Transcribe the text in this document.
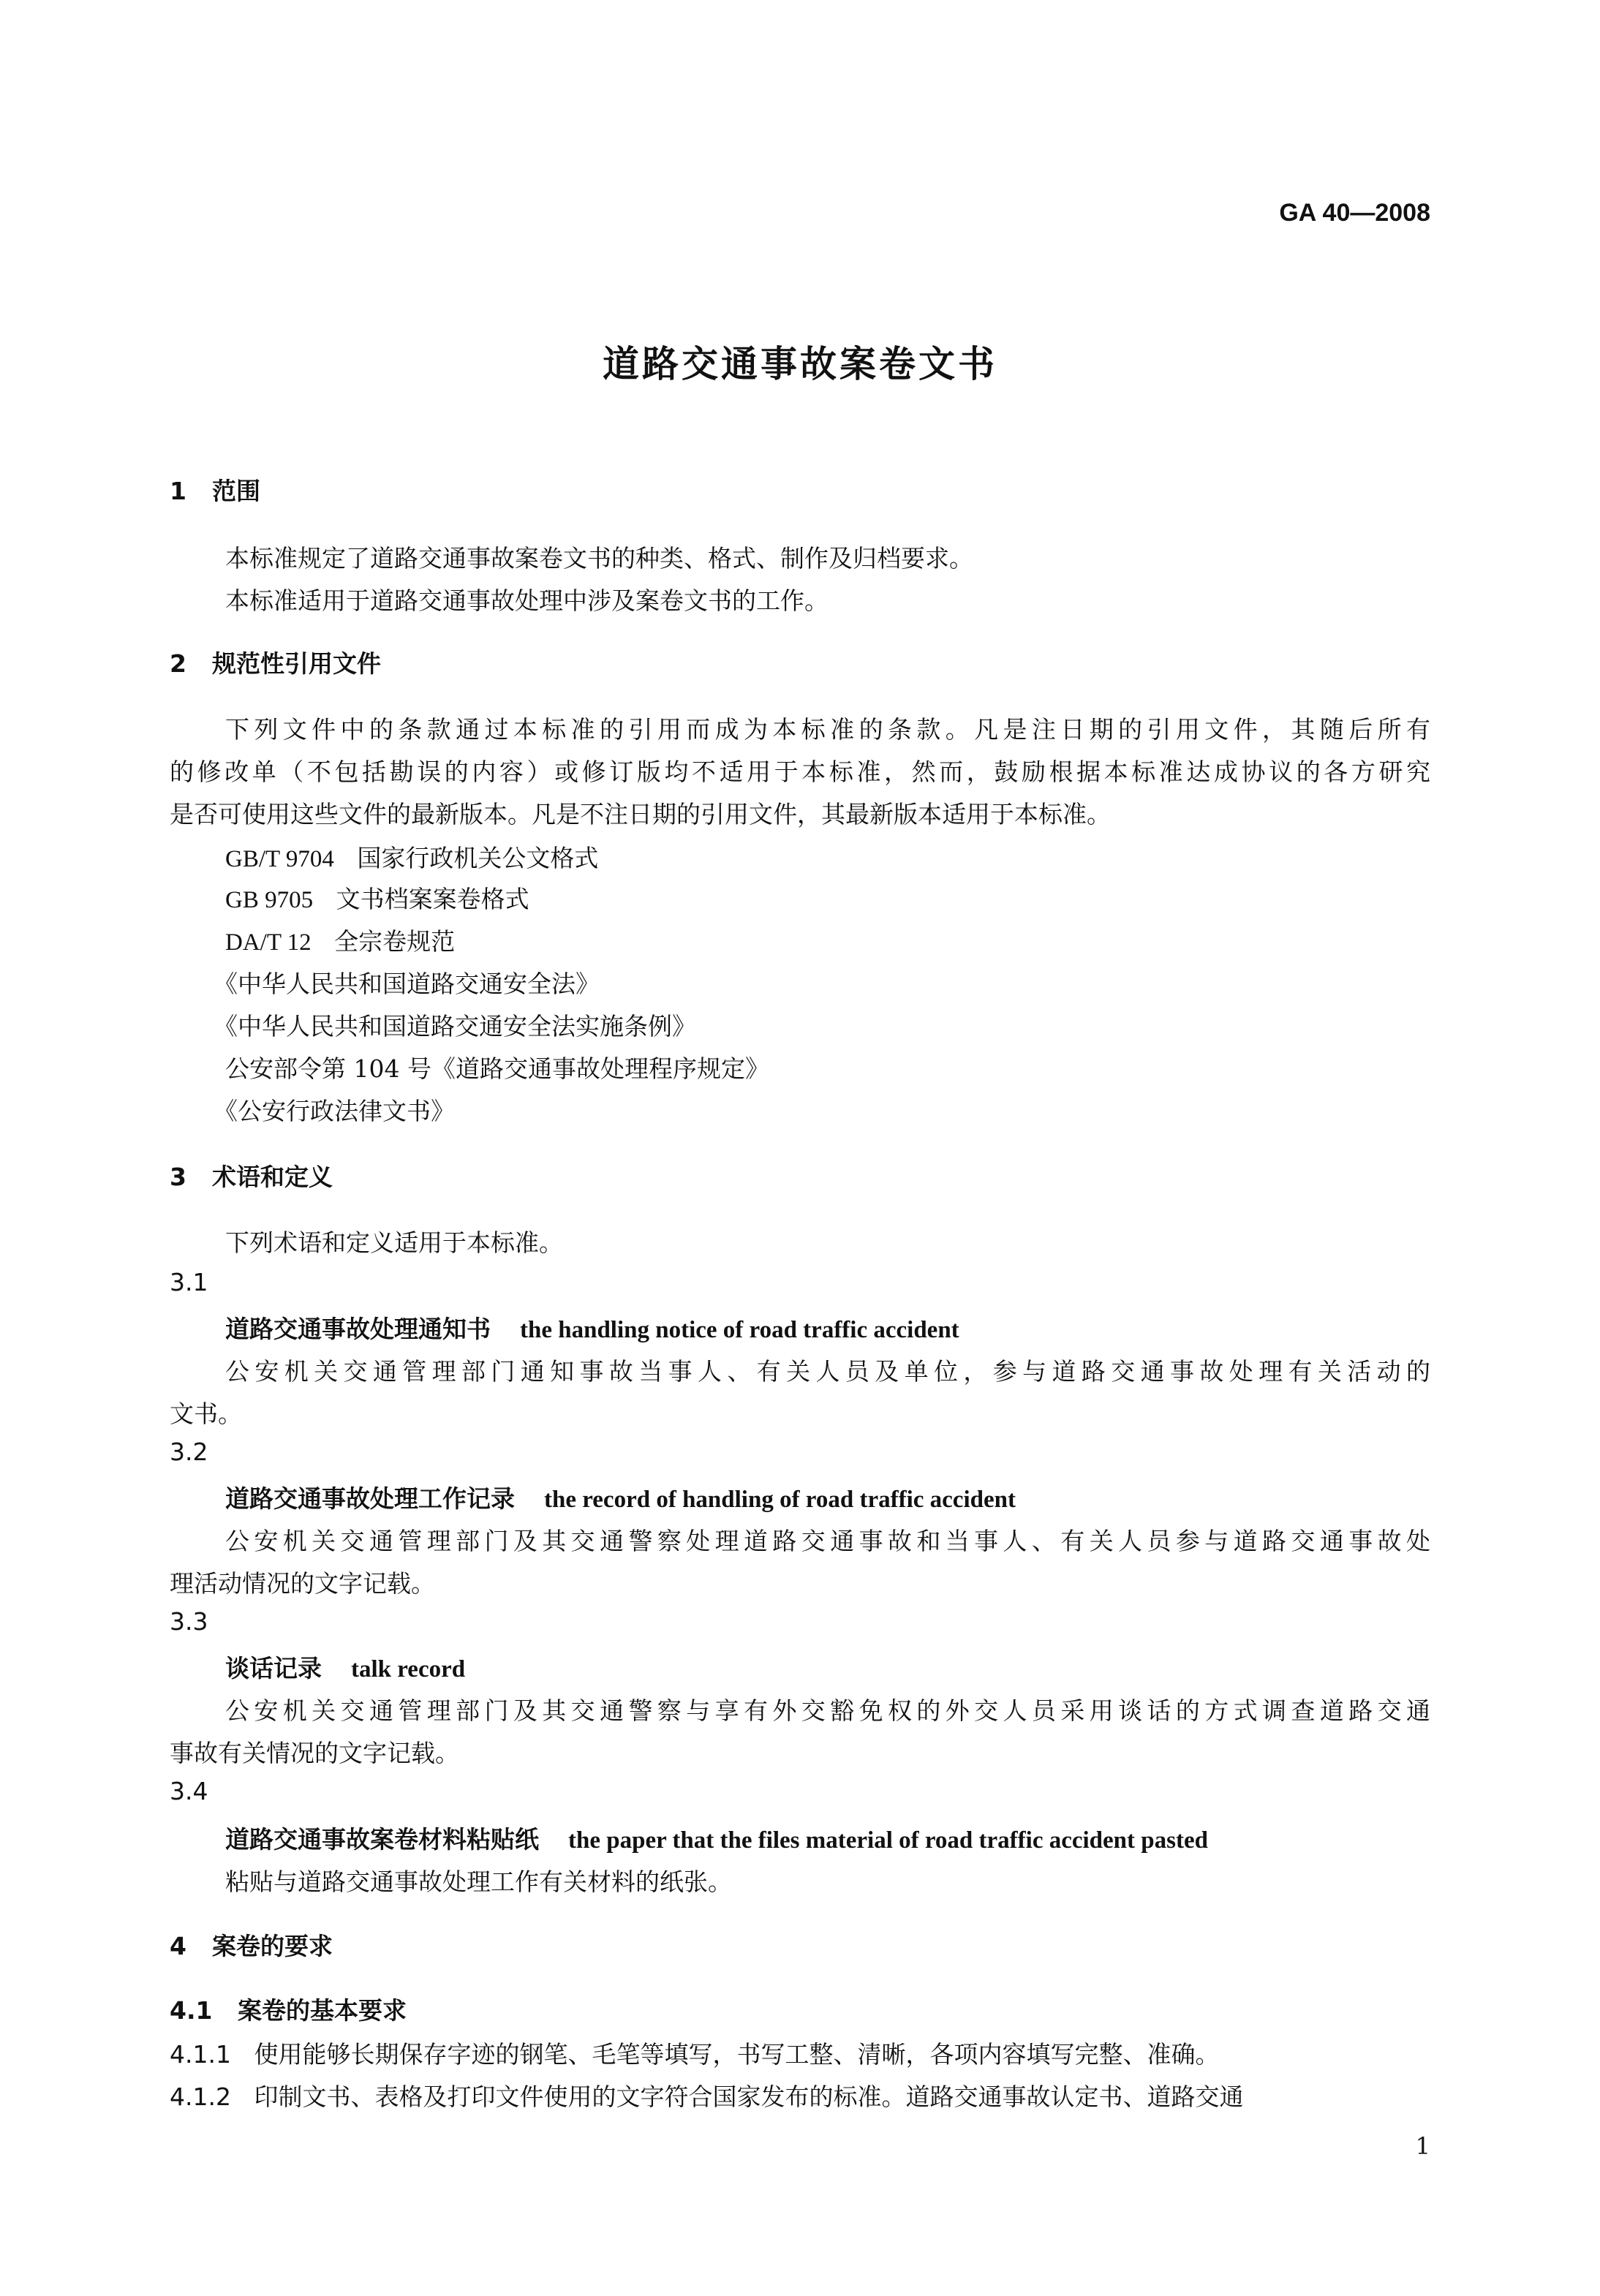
GA 40—2008
道路交通事故案卷文书
1 范围
本标准规定了道路交通事故案卷文书的种类、格式、制作及归档要求。
本标准适用于道路交通事故处理中涉及案卷文书的工作。
2 规范性引用文件
下列文件中的条款通过本标准的引用而成为本标准的条款。凡是注日期的引用文件，其随后所有
的修改单（不包括勘误的内容）或修订版均不适用于本标准，然而，鼓励根据本标准达成协议的各方研究
是否可使用这些文件的最新版本。凡是不注日期的引用文件，其最新版本适用于本标准。
GB/T 9704 国家行政机关公文格式
GB 9705 文书档案案卷格式
DA/T 12 全宗卷规范
《中华人民共和国道路交通安全法》
《中华人民共和国道路交通安全法实施条例》
公安部令第 104 号《道路交通事故处理程序规定》
《公安行政法律文书》
3 术语和定义
下列术语和定义适用于本标准。
3.1
道路交通事故处理通知书 the handling notice of road traffic accident
公安机关交通管理部门通知事故当事人、有关人员及单位，参与道路交通事故处理有关活动的
文书。
3.2
道路交通事故处理工作记录 the record of handling of road traffic accident
公安机关交通管理部门及其交通警察处理道路交通事故和当事人、有关人员参与道路交通事故处
理活动情况的文字记载。
3.3
谈话记录 talk record
公安机关交通管理部门及其交通警察与享有外交豁免权的外交人员采用谈话的方式调查道路交通
事故有关情况的文字记载。
3.4
道路交通事故案卷材料粘贴纸 the paper that the files material of road traffic accident pasted
粘贴与道路交通事故处理工作有关材料的纸张。
4 案卷的要求
4.1 案卷的基本要求
4.1.1 使用能够长期保存字迹的钢笔、毛笔等填写，书写工整、清晰，各项内容填写完整、准确。
4.1.2 印制文书、表格及打印文件使用的文字符合国家发布的标准。道路交通事故认定书、道路交通
1
